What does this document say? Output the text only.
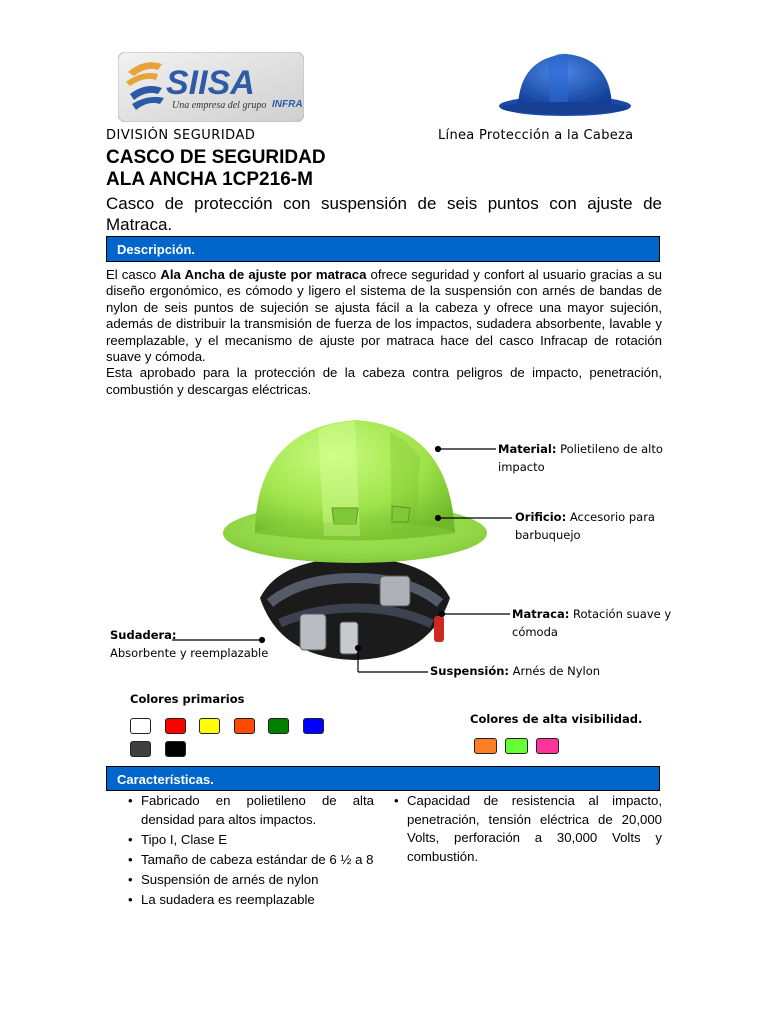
SIISA
Una empresa del grupo INFRA
DIVISIÓN SEGURIDAD	Línea Protección a la Cabeza
CASCO DE SEGURIDAD
ALA ANCHA 1CP216-M
Casco de protección con suspensión de seis puntos con ajuste de Matraca.
Descripción.

El casco Ala Ancha de ajuste por matraca ofrece seguridad y confort al usuario gracias a su diseño ergonómico, es cómodo y ligero el sistema de la suspensión con arnés de bandas de nylon de seis puntos de sujeción se ajusta fácil a la cabeza y ofrece una mayor sujeción, además de distribuir la transmisión de fuerza de los impactos, sudadera absorbente, lavable y reemplazable, y el mecanismo de ajuste por matraca hace del casco Infracap de rotación suave y cómoda.

Esta aprobado para la protección de la cabeza contra peligros de impacto, penetración, combustión y descargas eléctricas.

Material: Polietileno de alto
impacto
Orificio: Accesorio para
barbuquejo
Matraca: Rotación suave y
cómoda
Sudadera:
Absorbente y reemplazable
Suspensión: Arnés de Nylon
Colores primarios
Colores de alta visibilidad.
Características.
• Fabricado en polietileno de alta densidad para altos impactos.
• Tipo I, Clase E
• Tamaño de cabeza estándar de 6 ½ a 8
• Suspensión de arnés de nylon
• La sudadera es reemplazable
• Capacidad de resistencia al impacto, penetración, tensión eléctrica de 20,000 Volts, perforación a 30,000 Volts y combustión.
